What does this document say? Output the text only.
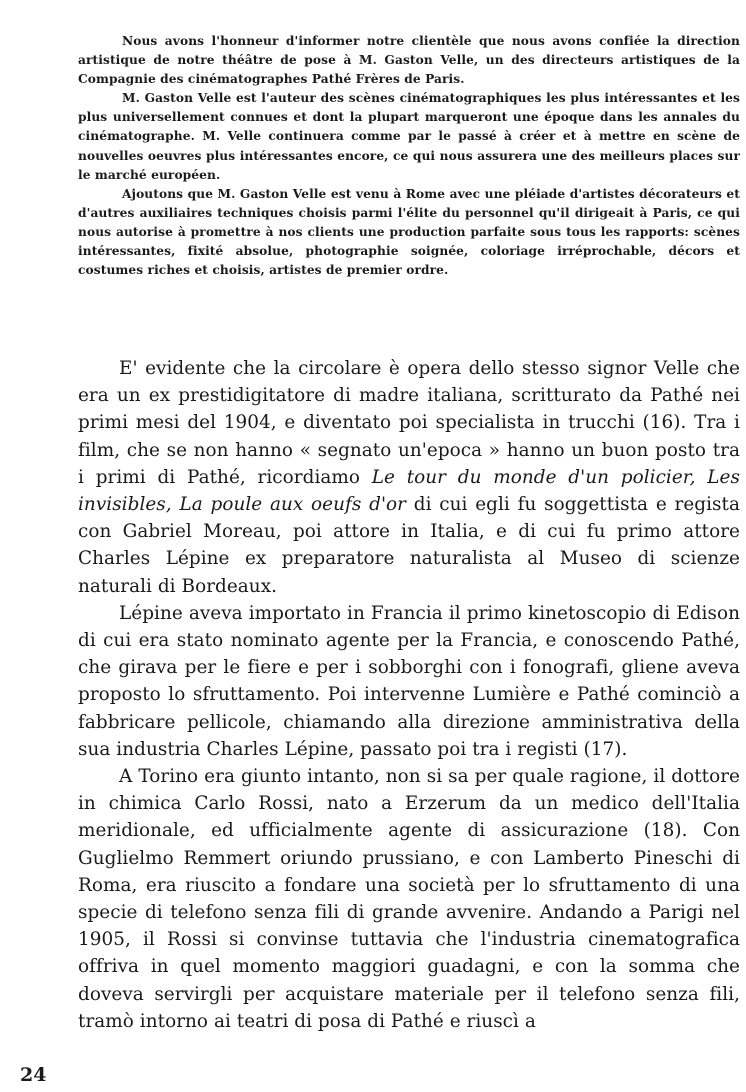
Nous avons l'honneur d'informer notre clientèle que nous avons confiée la direction artistique de notre théâtre de pose à M. Gaston Velle, un des directeurs artistiques de la Compagnie des cinématographes Pathé Frères de Paris.

M. Gaston Velle est l'auteur des scènes cinématographiques les plus intéressantes et les plus universellement connues et dont la plupart marqueront une époque dans les annales du cinématographe. M. Velle continuera comme par le passé à créer et à mettre en scène de nouvelles oeuvres plus intéressantes encore, ce qui nous assurera une des meilleurs places sur le marché européen.

Ajoutons que M. Gaston Velle est venu à Rome avec une pléiade d'artistes décorateurs et d'autres auxiliaires techniques choisis parmi l'élite du personnel qu'il dirigeait à Paris, ce qui nous autorise à promettre à nos clients une production parfaite sous tous les rapports: scènes intéressantes, fixité absolue, photographie soignée, coloriage irréprochable, décors et costumes riches et choisis, artistes de premier ordre.

E' evidente che la circolare è opera dello stesso signor Velle che era un ex prestidigitatore di madre italiana, scritturato da Pathé nei primi mesi del 1904, e diventato poi specialista in trucchi (16). Tra i film, che se non hanno « segnato un'epoca » hanno un buon posto tra i primi di Pathé, ricordiamo Le tour du monde d'un policier, Les invisibles, La poule aux oeufs d'or di cui egli fu soggettista e regista con Gabriel Moreau, poi attore in Italia, e di cui fu primo attore Charles Lépine ex preparatore naturalista al Museo di scienze naturali di Bordeaux.

Lépine aveva importato in Francia il primo kinetoscopio di Edison di cui era stato nominato agente per la Francia, e conoscendo Pathé, che girava per le fiere e per i sobborghi con i fonografi, gliene aveva proposto lo sfruttamento. Poi intervenne Lumière e Pathé cominciò a fabbricare pellicole, chiamando alla direzione amministrativa della sua industria Charles Lépine, passato poi tra i registi (17).

A Torino era giunto intanto, non si sa per quale ragione, il dottore in chimica Carlo Rossi, nato a Erzerum da un medico dell'Italia meridionale, ed ufficialmente agente di assicurazione (18). Con Guglielmo Remmert oriundo prussiano, e con Lamberto Pineschi di Roma, era riuscito a fondare una società per lo sfruttamento di una specie di telefono senza fili di grande avvenire. Andando a Parigi nel 1905, il Rossi si convinse tuttavia che l'industria cinematografica offriva in quel momento maggiori guadagni, e con la somma che doveva servirgli per acquistare materiale per il telefono senza fili, tramò intorno ai teatri di posa di Pathé e riuscì a

24
